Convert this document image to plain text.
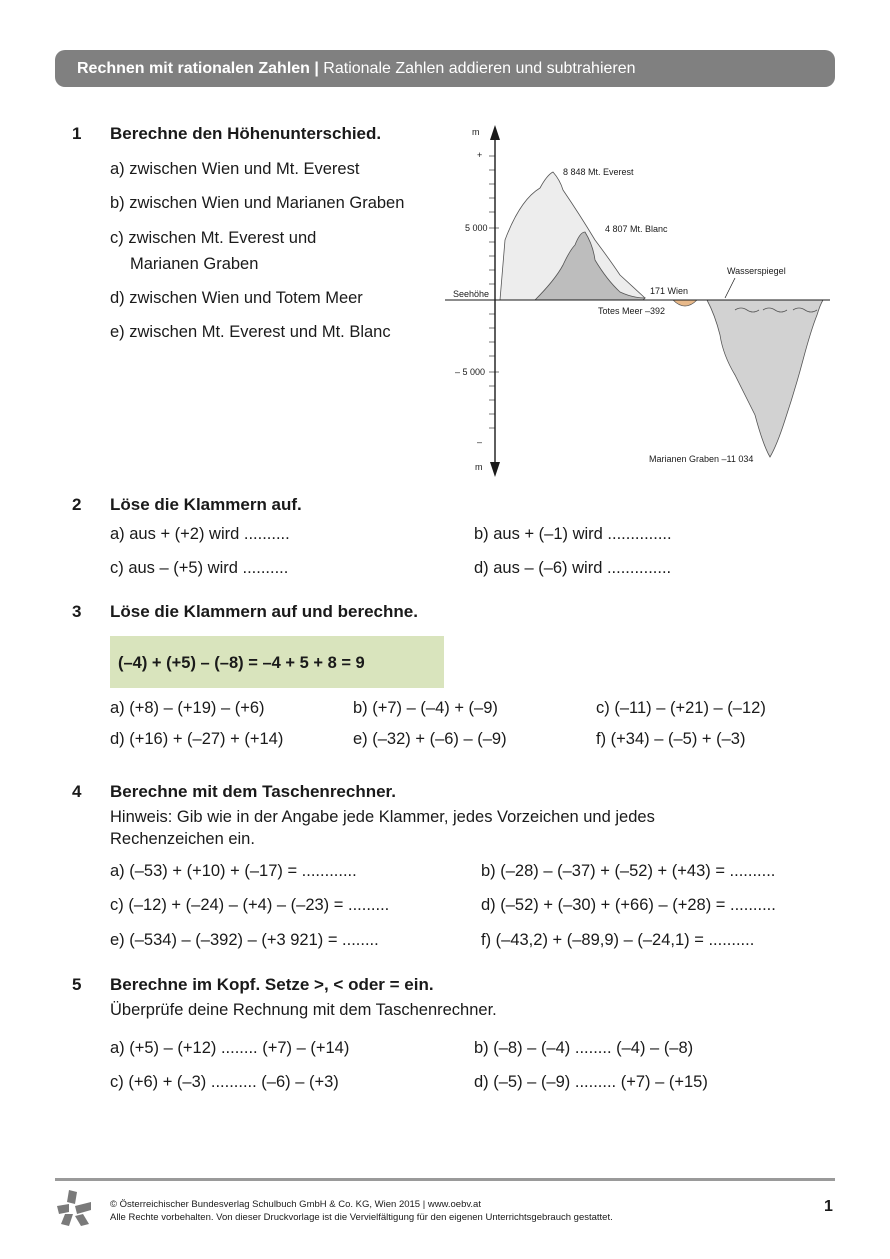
Rechnen mit rationalen Zahlen | Rationale Zahlen addieren und subtrahieren
1 Berechne den Höhenunterschied.
a) zwischen Wien und Mt. Everest
b) zwischen Wien und Marianen Graben
c) zwischen Mt. Everest und
Marianen Graben
d) zwischen Wien und Totem Meer
e) zwischen Mt. Everest und Mt. Blanc
m
+
5 000
Seehöhe
– 5 000
–
m
8 848 Mt. Everest
4 807 Mt. Blanc
171 Wien
Wasserspiegel
Totes Meer –392
Marianen Graben –11 034
2 Löse die Klammern auf.
a) aus + (+2) wird ..........	b) aus + (–1) wird ..............
c) aus – (+5) wird ..........	d) aus – (–6) wird ..............
3 Löse die Klammern auf und berechne.
(–4) + (+5) – (–8) = –4 + 5 + 8 = 9
a) (+8) – (+19) – (+6)	b) (+7) – (–4) + (–9)	c) (–11) – (+21) – (–12)
d) (+16) + (–27) + (+14)	e) (–32) + (–6) – (–9)	f) (+34) – (–5) + (–3)
4 Berechne mit dem Taschenrechner.
Hinweis: Gib wie in der Angabe jede Klammer, jedes Vorzeichen und jedes
Rechenzeichen ein.
a) (–53) + (+10) + (–17) = ............	b) (–28) – (–37) + (–52) + (+43) = ..........
c) (–12) + (–24) – (+4) – (–23) = .........	d) (–52) + (–30) + (+66) – (+28) = ..........
e) (–534) – (–392) – (+3 921) = ........	f) (–43,2) + (–89,9) – (–24,1) = ..........
5 Berechne im Kopf. Setze >, < oder = ein.
Überprüfe deine Rechnung mit dem Taschenrechner.
a) (+5) – (+12) ........ (+7) – (+14)	b) (–8) – (–4) ........ (–4) – (–8)
c) (+6) + (–3) .......... (–6) – (+3)	d) (–5) – (–9) ......... (+7) – (+15)
© Österreichischer Bundesverlag Schulbuch GmbH & Co. KG, Wien 2015 | www.oebv.at
Alle Rechte vorbehalten. Von dieser Druckvorlage ist die Vervielfältigung für den eigenen Unterrichtsgebrauch gestattet.
1
